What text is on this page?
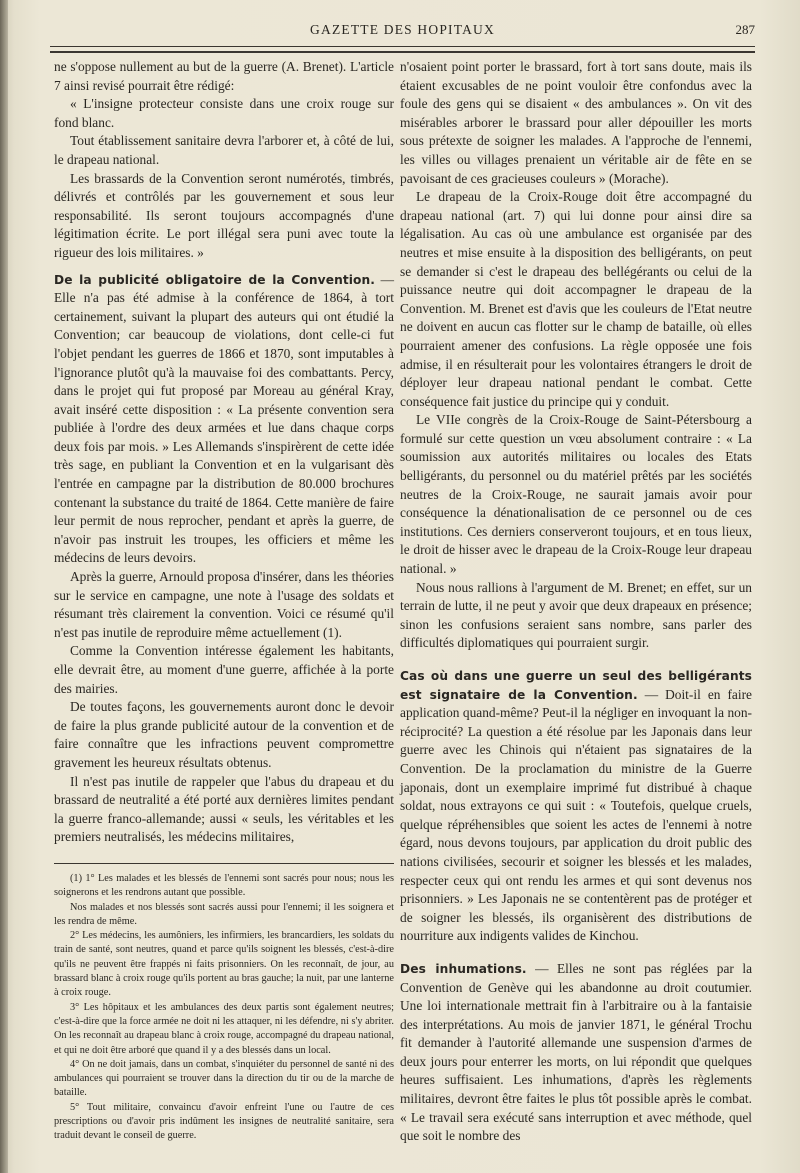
GAZETTE DES HOPITAUX	287

ne s'oppose nullement au but de la guerre (A. Brenet). L'article 7 ainsi revisé pourrait être rédigé:

« L'insigne protecteur consiste dans une croix rouge sur fond blanc.

Tout établissement sanitaire devra l'arborer et, à côté de lui, le drapeau national.

Les brassards de la Convention seront numérotés, timbrés, délivrés et contrôlés par les gouvernement et sous leur responsabilité. Ils seront toujours accompagnés d'une légitimation écrite. Le port illégal sera puni avec toute la rigueur des lois militaires. »

De la publicité obligatoire de la Convention. — Elle n'a pas été admise à la conférence de 1864, à tort certainement, suivant la plupart des auteurs qui ont étudié la Convention; car beaucoup de violations, dont celle-ci fut l'objet pendant les guerres de 1866 et 1870, sont imputables à l'ignorance plutôt qu'à la mauvaise foi des combattants. Percy, dans le projet qui fut proposé par Moreau au général Kray, avait inséré cette disposition : « La présente convention sera publiée à l'ordre des deux armées et lue dans chaque corps deux fois par mois. » Les Allemands s'inspirèrent de cette idée très sage, en publiant la Convention et en la vulgarisant dès l'entrée en campagne par la distribution de 80.000 brochures contenant la substance du traité de 1864. Cette manière de faire leur permit de nous reprocher, pendant et après la guerre, de n'avoir pas instruit les troupes, les officiers et même les médecins de leurs devoirs.

Après la guerre, Arnould proposa d'insérer, dans les théories sur le service en campagne, une note à l'usage des soldats et résumant très clairement la convention. Voici ce résumé qu'il n'est pas inutile de reproduire même actuellement (1).

Comme la Convention intéresse également les habitants, elle devrait être, au moment d'une guerre, affichée à la porte des mairies.

De toutes façons, les gouvernements auront donc le devoir de faire la plus grande publicité autour de la convention et de faire connaître que les infractions peuvent compromettre gravement les heureux résultats obtenus.

Il n'est pas inutile de rappeler que l'abus du drapeau et du brassard de neutralité a été porté aux dernières limites pendant la guerre franco-allemande; aussi « seuls, les véritables et les premiers neutralisés, les médecins militaires,

(1) 1° Les malades et les blessés de l'ennemi sont sacrés pour nous; nous les soignerons et les rendrons autant que possible.

Nos malades et nos blessés sont sacrés aussi pour l'ennemi; il les soignera et les rendra de même.

2° Les médecins, les aumôniers, les infirmiers, les brancardiers, les soldats du train de santé, sont neutres, quand et parce qu'ils soignent les blessés, c'est-à-dire qu'ils ne peuvent être frappés ni faits prisonniers. On les reconnaît, de jour, au brassard blanc à croix rouge qu'ils portent au bras gauche; la nuit, par une lanterne à croix rouge.

3° Les hôpitaux et les ambulances des deux partis sont également neutres; c'est-à-dire que la force armée ne doit ni les attaquer, ni les défendre, ni s'y abriter. On les reconnaît au drapeau blanc à croix rouge, accompagné du drapeau national, et qui ne doit être arboré que quand il y a des blessés dans un local.

4° On ne doit jamais, dans un combat, s'inquiéter du personnel de santé ni des ambulances qui pourraient se trouver dans la direction du tir ou de la marche de bataille.

5° Tout militaire, convaincu d'avoir enfreint l'une ou l'autre de ces prescriptions ou d'avoir pris indûment les insignes de neutralité sanitaire, sera traduit devant le conseil de guerre.

n'osaient point porter le brassard, fort à tort sans doute, mais ils étaient excusables de ne point vouloir être confondus avec la foule des gens qui se disaient « des ambulances ». On vit des misérables arborer le brassard pour aller dépouiller les morts sous prétexte de soigner les malades. A l'approche de l'ennemi, les villes ou villages prenaient un véritable air de fête en se pavoisant de ces gracieuses couleurs » (Morache).

Le drapeau de la Croix-Rouge doit être accompagné du drapeau national (art. 7) qui lui donne pour ainsi dire sa légalisation. Au cas où une ambulance est organisée par des neutres et mise ensuite à la disposition des belligérants, on peut se demander si c'est le drapeau des bellégérants ou celui de la puissance neutre qui doit accompagner le drapeau de la Convention. M. Brenet est d'avis que les couleurs de l'Etat neutre ne doivent en aucun cas flotter sur le champ de bataille, où elles pourraient amener des confusions. La règle opposée une fois admise, il en résulterait pour les volontaires étrangers le droit de déployer leur drapeau national pendant le combat. Cette conséquence fait justice du principe qui y conduit.

Le VIIe congrès de la Croix-Rouge de Saint-Pétersbourg a formulé sur cette question un vœu absolument contraire : « La soumission aux autorités militaires ou locales des Etats belligérants, du personnel ou du matériel prêtés par les sociétés neutres de la Croix-Rouge, ne saurait jamais avoir pour conséquence la dénationalisation de ce personnel ou de ces institutions. Ces derniers conserveront toujours, et en tous lieux, le droit de hisser avec le drapeau de la Croix-Rouge leur drapeau national. »

Nous nous rallions à l'argument de M. Brenet; en effet, sur un terrain de lutte, il ne peut y avoir que deux drapeaux en présence; sinon les confusions seraient sans nombre, sans parler des difficultés diplomatiques qui pourraient surgir.

Cas où dans une guerre un seul des belligérants est signataire de la Convention. — Doit-il en faire application quand-même? Peut-il la négliger en invoquant la non-réciprocité? La question a été résolue par les Japonais dans leur guerre avec les Chinois qui n'étaient pas signataires de la Convention. De la proclamation du ministre de la Guerre japonais, dont un exemplaire imprimé fut distribué à chaque soldat, nous extrayons ce qui suit : « Toutefois, quelque cruels, quelque répréhensibles que soient les actes de l'ennemi à notre égard, nous devons toujours, par application du droit public des nations civilisées, secourir et soigner les blessés et les malades, respecter ceux qui ont rendu les armes et qui sont devenus nos prisonniers. » Les Japonais ne se contentèrent pas de protéger et de soigner les blessés, ils organisèrent des distributions de nourriture aux indigents valides de Kinchou.

Des inhumations. — Elles ne sont pas réglées par la Convention de Genève qui les abandonne au droit coutumier. Une loi internationale mettrait fin à l'arbitraire ou à la fantaisie des interprétations. Au mois de janvier 1871, le général Trochu fit demander à l'autorité allemande une suspension d'armes de deux jours pour enterrer les morts, on lui répondit que quelques heures suffisaient. Les inhumations, d'après les règlements militaires, devront être faites le plus tôt possible après le combat. « Le travail sera exécuté sans interruption et avec méthode, quel que soit le nombre des
